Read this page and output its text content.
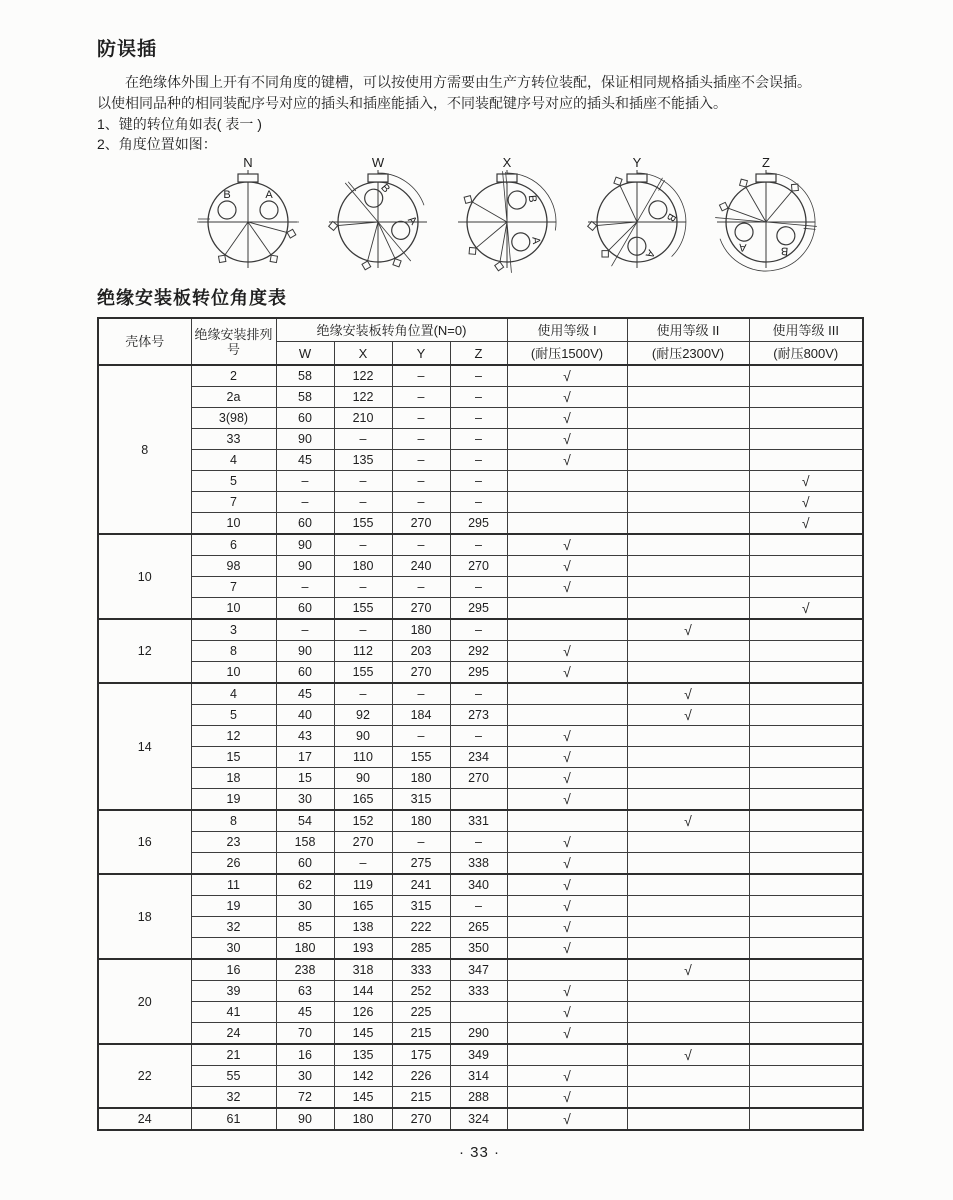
防误插
在绝缘体外围上开有不同角度的键槽，可以按使用方需要由生产方转位装配，保证相同规格插头插座不会误插。
以使相同品种的相同装配序号对应的插头和插座能插入，不同装配键序号对应的插头和插座不能插入。
1、键的转位角如表( 表一 )
2、角度位置如图：
N
B	A
W
B
A
X
B
A
Y
B
A
Z
B
A
绝缘安装板转位角度表
壳体号	绝缘安装排列号	绝缘安装板转角位置(N=0)				使用等级 I	使用等级 II	使用等级 III
		W	X	Y	Z	(耐压1500V)	(耐压2300V)	(耐压800V)
8	2	58	122	–	–	√		
	2a	58	122	–	–	√		
	3(98)	60	210	–	–	√		
	33	90	–	–	–	√		
	4	45	135	–	–	√		
	5	–	–	–	–			√
	7	–	–	–	–			√
	10	60	155	270	295			√
10	6	90	–	–	–	√		
	98	90	180	240	270	√		
	7	–	–	–	–	√		
	10	60	155	270	295			√
12	3	–	–	180	–		√	
	8	90	112	203	292	√		
	10	60	155	270	295	√		
14	4	45	–	–	–		√	
	5	40	92	184	273		√	
	12	43	90	–	–	√		
	15	17	110	155	234	√		
	18	15	90	180	270	√		
	19	30	165	315		√		
16	8	54	152	180	331		√	
	23	158	270	–	–	√		
	26	60	–	275	338	√		
18	11	62	119	241	340	√		
	19	30	165	315	–	√		
	32	85	138	222	265	√		
	30	180	193	285	350	√		
20	16	238	318	333	347		√	
	39	63	144	252	333	√		
	41	45	126	225		√		
	24	70	145	215	290	√		
22	21	16	135	175	349		√	
	55	30	142	226	314	√		
	32	72	145	215	288	√		
24	61	90	180	270	324	√		
· 33 ·
